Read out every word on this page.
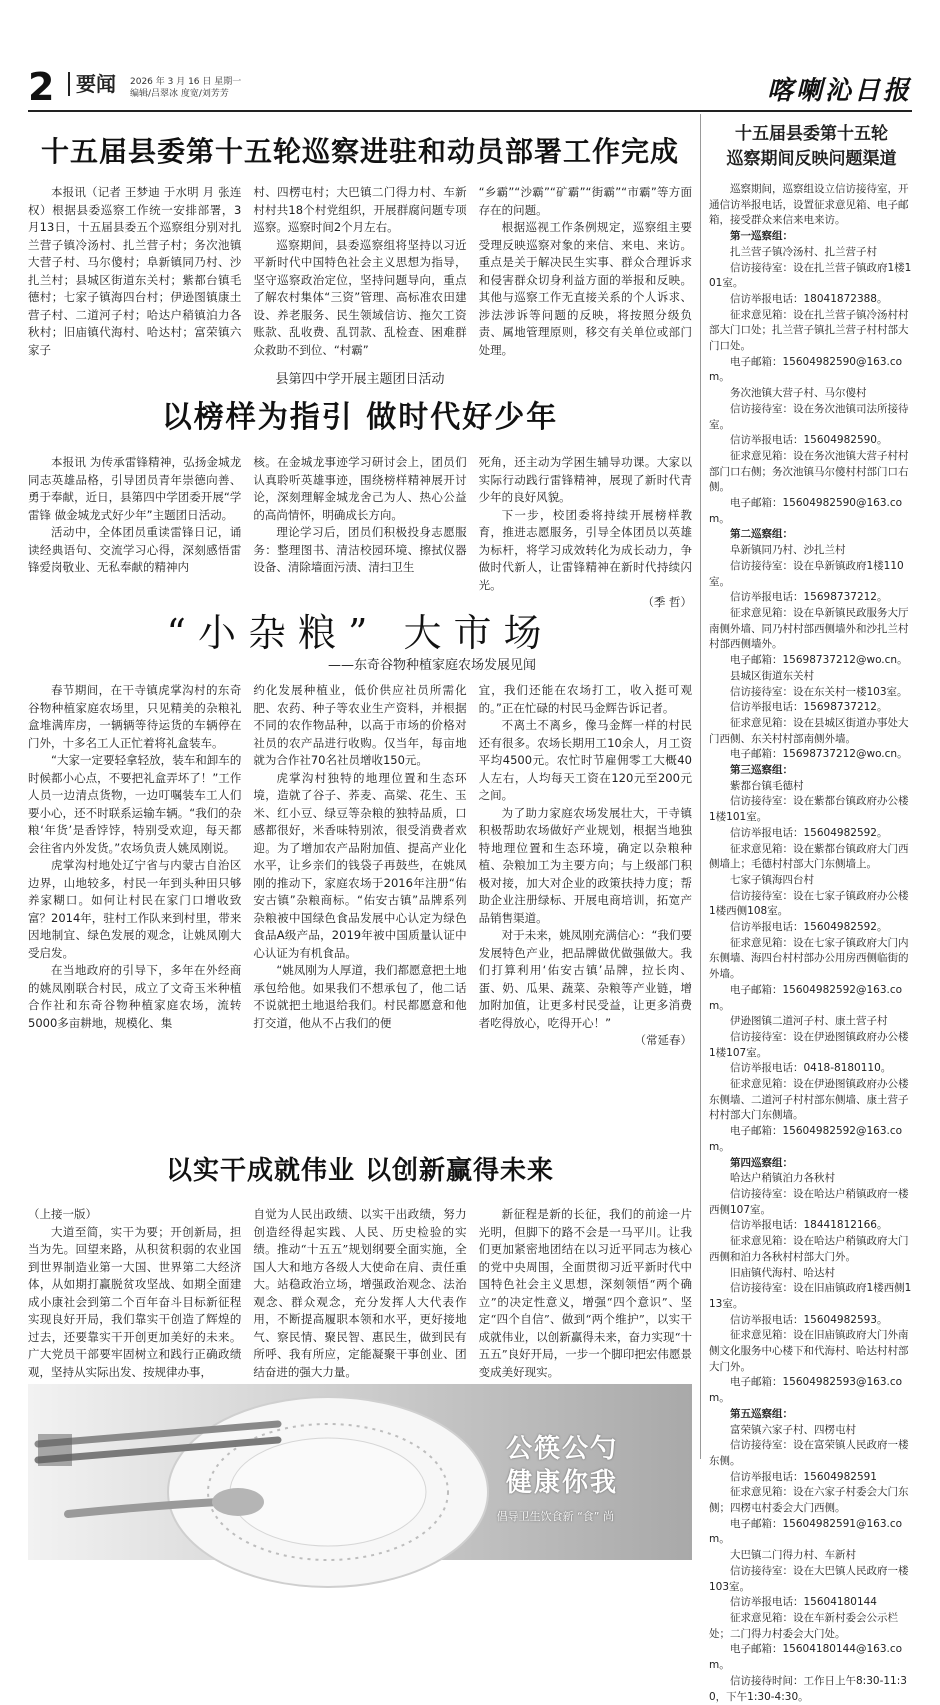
2	要闻 2026 年 3 月 16 日 星期一
编辑/吕翠冰 度宽/刘芳芳	喀喇沁日报
十五届县委第十五轮巡察进驻和动员部署工作完成

本报讯（记者 王梦迪 于水明 月 张连权）根据县委巡察工作统一安排部署，3月13日，十五届县委五个巡察组分别对扎兰营子镇冷汤村、扎兰营子村；务次池镇大营子村、马尔傻村；阜新镇同乃村、沙扎兰村；县城区街道东关村；紫都台镇毛德村；七家子镇海四台村；伊逊图镇康土营子村、二道河子村；哈达户稍镇泊力各秋村；旧庙镇代海村、哈达村；富荣镇六家子

村、四楞屯村；大巴镇二门得力村、车新村村共18个村党组织，开展群腐问题专项巡察。巡察时间2个月左右。

巡察期间，县委巡察组将坚持以习近平新时代中国特色社会主义思想为指导，坚守巡察政治定位，坚持问题导向，重点了解农村集体“三资”管理、高标准农田建设、养老服务、民生领域信访、拖欠工资账款、乱收费、乱罚款、乱检查、困难群众救助不到位、“村霸”

“乡霸”“沙霸”“矿霸”“街霸”“市霸”等方面存在的问题。

根据巡视工作条例规定，巡察组主要受理反映巡察对象的来信、来电、来访。重点是关于解决民生实事、群众合理诉求和侵害群众切身利益方面的举报和反映。其他与巡察工作无直接关系的个人诉求、涉法涉诉等问题的反映，将按照分级负责、属地管理原则，移交有关单位或部门处理。

县第四中学开展主题团日活动
以榜样为指引 做时代好少年

本报讯 为传承雷锋精神，弘扬金城龙同志英雄品格，引导团员青年崇德向善、勇于奉献，近日，县第四中学团委开展“学雷锋 做金城龙式好少年”主题团日活动。

活动中，全体团员重读雷锋日记，诵读经典语句、交流学习心得，深刻感悟雷锋爱岗敬业、无私奉献的精神内

核。在金城龙事迹学习研讨会上，团员们认真聆听英雄事迹，围绕榜样精神展开讨论，深刻理解金城龙舍己为人、热心公益的高尚情怀，明确成长方向。

理论学习后，团员们积极投身志愿服务：整理图书、清洁校园环境、擦拭仪器设备、清除墙面污渍、清扫卫生

死角，还主动为学困生辅导功课。大家以实际行动践行雷锋精神，展现了新时代青少年的良好风貌。

下一步，校团委将持续开展榜样教育，推进志愿服务，引导全体团员以英雄为标杆，将学习成效转化为成长动力，争做时代新人，让雷锋精神在新时代持续闪光。

（季 哲）

“小杂粮” 大市场
——东奇谷物种植家庭农场发展见闻

春节期间，在干寺镇虎掌沟村的东奇谷物种植家庭农场里，只见精美的杂粮礼盒堆满库房，一辆辆等待运货的车辆停在门外，十多名工人正忙着将礼盒装车。

“大家一定要轻拿轻放，装车和卸车的时候都小心点，不要把礼盒弄坏了！”工作人员一边清点货物，一边叮嘱装车工人们要小心，还不时联系运输车辆。“我们的杂粮‘年货’是香饽饽，特别受欢迎，每天都会往省内外发货。”农场负责人姚凤刚说。

虎掌沟村地处辽宁省与内蒙古自治区边界，山地较多，村民一年到头种田只够养家糊口。如何让村民在家门口增收致富？2014年，驻村工作队来到村里，带来因地制宜、绿色发展的观念，让姚凤刚大受启发。

在当地政府的引导下，多年在外经商的姚凤刚联合村民，成立了文奇玉米种植合作社和东奇谷物种植家庭农场，流转5000多亩耕地，规模化、集

约化发展种植业，低价供应社员所需化肥、农药、种子等农业生产资料，并根据不同的农作物品种，以高于市场的价格对社员的农产品进行收购。仅当年，每亩地就为合作社70名社员增收150元。

虎掌沟村独特的地理位置和生态环境，造就了谷子、荞麦、高粱、花生、玉米、红小豆、绿豆等杂粮的独特品质，口感都很好，米香味特别浓，很受消费者欢迎。为了增加农产品附加值、提高产业化水平，让乡亲们的钱袋子再鼓些，在姚凤刚的推动下，家庭农场于2016年注册“佑安古镇”杂粮商标。“佑安古镇”品牌系列杂粮被中国绿色食品发展中心认定为绿色食品A级产品，2019年被中国质量认证中心认证为有机食品。

“姚凤刚为人厚道，我们都愿意把土地承包给他。如果我们不想承包了，他二话不说就把土地退给我们。村民都愿意和他打交道，他从不占我们的便

宜，我们还能在农场打工，收入挺可观的。”正在忙碌的村民马金辉告诉记者。

不离土不离乡，像马金辉一样的村民还有很多。农场长期用工10余人，月工资平均4500元。农忙时节雇佣零工大概40人左右，人均每天工资在120元至200元之间。

为了助力家庭农场发展壮大，干寺镇积极帮助农场做好产业规划，根据当地独特地理位置和生态环境，确定以杂粮种植、杂粮加工为主要方向；与上级部门积极对接，加大对企业的政策扶持力度；帮助企业注册绿标、开展电商培训，拓宽产品销售渠道。

对于未来，姚凤刚充满信心：“我们要发展特色产业，把品牌做优做强做大。我们打算利用‘佑安古镇’品牌，拉长肉、蛋、奶、瓜果、蔬菜、杂粮等产业链，增加附加值，让更多村民受益，让更多消费者吃得放心，吃得开心！”

（常延春）

以实干成就伟业 以创新赢得未来

（上接一版）

大道至简，实干为要；开创新局，担当为先。回望来路，从积贫积弱的农业国到世界制造业第一大国、世界第二大经济体，从如期打赢脱贫攻坚战、如期全面建成小康社会到第二个百年奋斗目标新征程实现良好开局，我们靠实干创造了辉煌的过去，还要靠实干开创更加美好的未来。广大党员干部要牢固树立和践行正确政绩观，坚持从实际出发、按规律办事，

自觉为人民出政绩、以实干出政绩，努力创造经得起实践、人民、历史检验的实绩。推动“十五五”规划纲要全面实施，全国人大和地方各级人大使命在肩、责任重大。站稳政治立场，增强政治观念、法治观念、群众观念，充分发挥人大代表作用，不断提高履职本领和水平，更好接地气、察民情、聚民智、惠民生，做到民有所呼、我有所应，定能凝聚干事创业、团结奋进的强大力量。

新征程是新的长征，我们的前途一片光明，但脚下的路不会是一马平川。让我们更加紧密地团结在以习近平同志为核心的党中央周围，全面贯彻习近平新时代中国特色社会主义思想，深刻领悟“两个确立”的决定性意义，增强“四个意识”、坚定“四个自信”、做到“两个维护”，以实干成就伟业，以创新赢得未来，奋力实现“十五五”良好开局，一步一个脚印把宏伟愿景变成美好现实。

公筷公勺
健康你我
倡导卫生饮食新 “食” 尚
十五届县委第十五轮
巡察期间反映问题渠道

巡察期间，巡察组设立信访接待室，开通信访举报电话，设置征求意见箱、电子邮箱，接受群众来信来电来访。

第一巡察组：

扎兰营子镇冷汤村、扎兰营子村

信访接待室：设在扎兰营子镇政府1楼101室。

信访举报电话：18041872388。

征求意见箱：设在扎兰营子镇冷汤村村部大门口处；扎兰营子镇扎兰营子村村部大门口处。

电子邮箱：15604982590@163.com。

务次池镇大营子村、马尔傻村

信访接待室：设在务次池镇司法所接待室。

信访举报电话：15604982590。

征求意见箱：设在务次池镇大营子村村部门口右侧；务次池镇马尔傻村村部门口右侧。

电子邮箱：15604982590@163.com。

第二巡察组：

阜新镇同乃村、沙扎兰村

信访接待室：设在阜新镇政府1楼110室。

信访举报电话：15698737212。

征求意见箱：设在阜新镇民政服务大厅南侧外墙、同乃村村部西侧墙外和沙扎兰村村部西侧墙外。

电子邮箱：15698737212@wo.cn。

县城区街道东关村

信访接待室：设在东关村一楼103室。

信访举报电话：15698737212。

征求意见箱：设在县城区街道办事处大门西侧、东关村村部南侧外墙。

电子邮箱：15698737212@wo.cn。

第三巡察组：

紫都台镇毛德村

信访接待室：设在紫都台镇政府办公楼1楼101室。

信访举报电话：15604982592。

征求意见箱：设在紫都台镇政府大门西侧墙上；毛德村村部大门东侧墙上。

七家子镇海四台村

信访接待室：设在七家子镇政府办公楼1楼西侧108室。

信访举报电话：15604982592。

征求意见箱：设在七家子镇政府大门内东侧墙、海四台村村部办公用房西侧临街的外墙。

电子邮箱：15604982592@163.com。

伊逊图镇二道河子村、康土营子村

信访接待室：设在伊逊图镇政府办公楼1楼107室。

信访举报电话：0418-8180110。

征求意见箱：设在伊逊图镇政府办公楼东侧墙、二道河子村村部东侧墙、康土营子村村部大门东侧墙。

电子邮箱：15604982592@163.com。

第四巡察组：

哈达户稍镇泊力各秋村

信访接待室：设在哈达户稍镇政府一楼西侧107室。

信访举报电话：18441812166。

征求意见箱：设在哈达户稍镇政府大门西侧和泊力各秋村村部大门外。

旧庙镇代海村、哈达村

信访接待室：设在旧庙镇政府1楼西侧113室。

信访举报电话：15604982593。

征求意见箱：设在旧庙镇政府大门外南侧文化服务中心楼下和代海村、哈达村村部大门外。

电子邮箱：15604982593@163.com。

第五巡察组：

富荣镇六家子村、四楞屯村

信访接待室：设在富荣镇人民政府一楼东侧。

信访举报电话：15604982591

征求意见箱：设在六家子村委会大门东侧；四楞屯村委会大门西侧。

电子邮箱：15604982591@163.com。

大巴镇二门得力村、车新村

信访接待室：设在大巴镇人民政府一楼103室。

信访举报电话：15604180144

征求意见箱：设在车新村委会公示栏处；二门得力村委会大门处。

电子邮箱：15604180144@163.com。

信访接待时间：工作日上午8:30-11:30，下午1:30-4:30。
